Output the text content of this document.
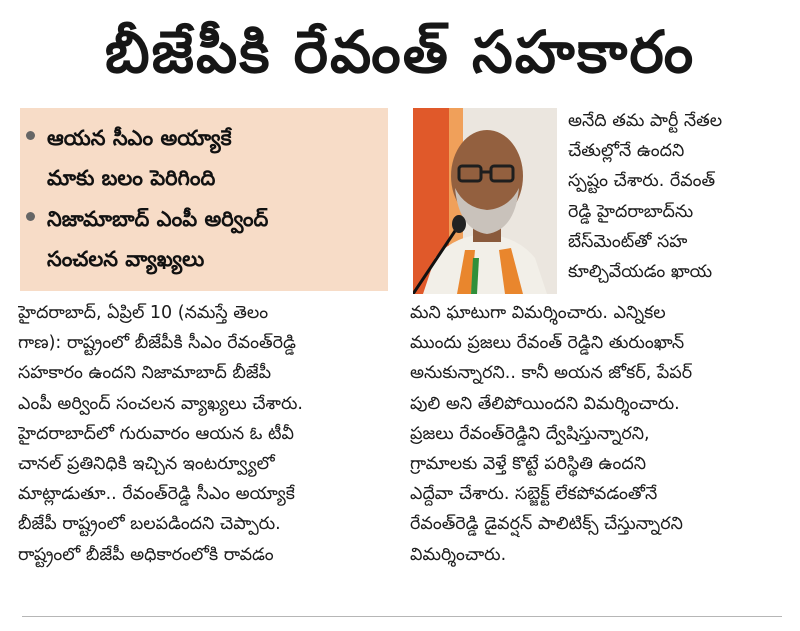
బీజేపీకి రేవంత్ సహకారం
ఆయన సీఎం అయ్యాకే
మాకు బలం పెరిగింది
నిజామాబాద్ ఎంపీ అర్వింద్
సంచలన వ్యాఖ్యలు
అనేది తమ పార్టీ నేతల
చేతుల్లోనే ఉందని
స్పష్టం చేశారు. రేవంత్
రెడ్డి హైదరాబాద్‌ను
బేస్‌మెంట్‌తో సహ
కూల్చివేయడం ఖాయ
హైదరాబాద్, ఏప్రిల్ 10 (నమస్తే తెలం
గాణ): రాష్ట్రంలో బీజేపీకి సీఎం రేవంత్‌రెడ్డి
సహకారం ఉందని నిజామాబాద్ బీజేపీ
ఎంపీ అర్వింద్ సంచలన వ్యాఖ్యలు చేశారు.
హైదరాబాద్‌లో గురువారం ఆయన ఓ టీవీ
చానల్ ప్రతినిధికి ఇచ్చిన ఇంటర్వ్యూలో
మాట్లాడుతూ.. రేవంత్‌రెడ్డి సీఎం అయ్యాకే
బీజేపీ రాష్ట్రంలో బలపడిందని చెప్పారు.
రాష్ట్రంలో బీజేపీ అధికారంలోకి రావడం
మని ఘాటుగా విమర్శించారు. ఎన్నికల
ముందు ప్రజలు రేవంత్ రెడ్డిని తురుంఖాన్
అనుకున్నారని.. కానీ అయన జోకర్, పేపర్
పులి అని తేలిపోయిందని విమర్శించారు.
ప్రజలు రేవంత్‌రెడ్డిని ద్వేషిస్తున్నారని,
గ్రామాలకు వెళ్తే కొట్టే పరిస్థితి ఉందని
ఎద్దేవా చేశారు. సబ్జెక్ట్ లేకపోవడంతోనే
రేవంత్‌రెడ్డి డైవర్షన్ పాలిటిక్స్ చేస్తున్నారని
విమర్శించారు.
